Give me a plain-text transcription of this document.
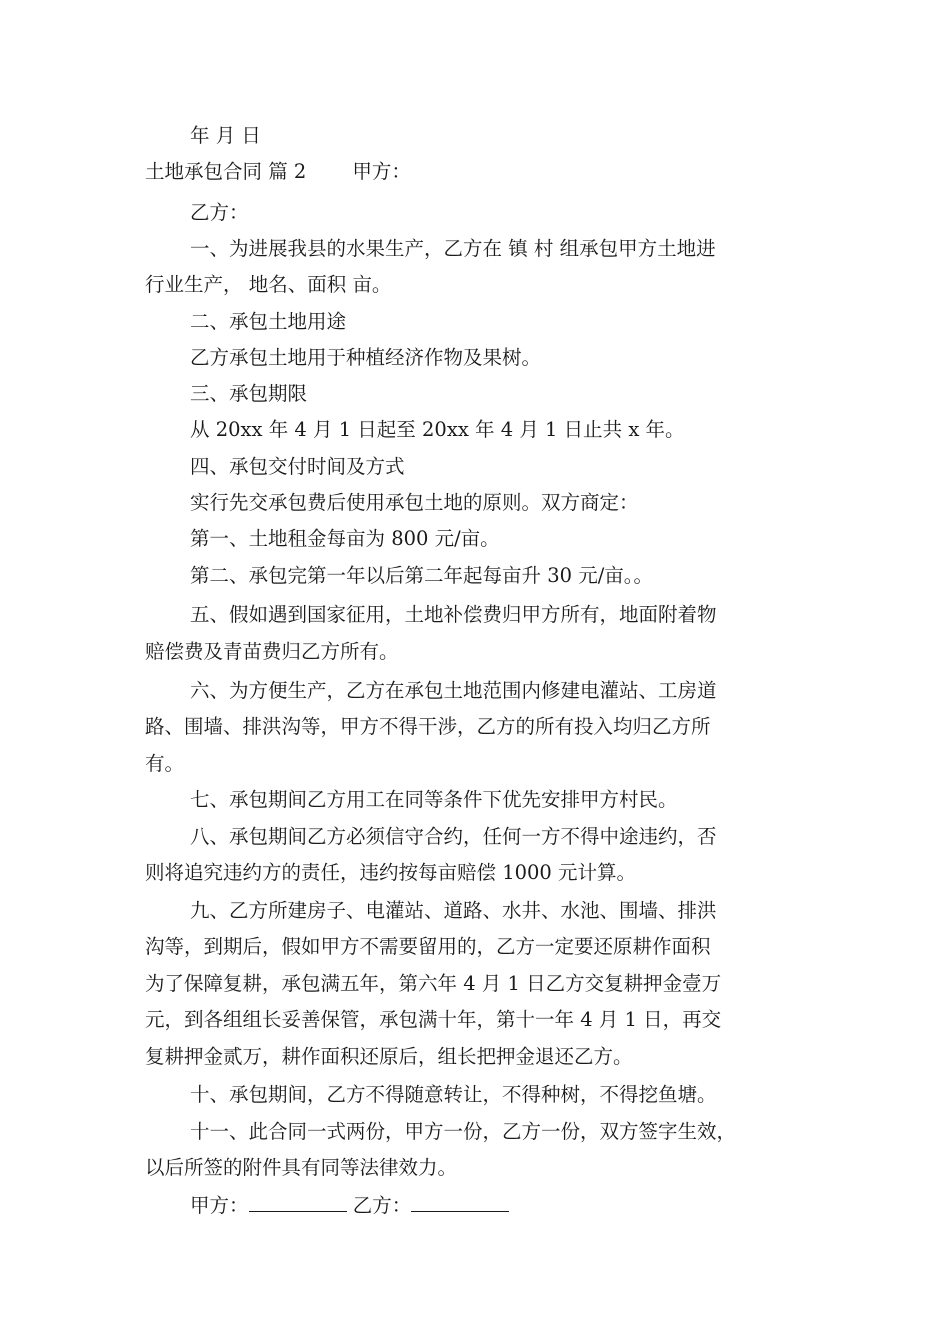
年 月 日
土地承包合同 篇 2 甲方：
乙方：
一、为进展我县的水果生产，乙方在 镇 村 组承包甲方土地进
行业生产， 地名、面积 亩。
二、承包土地用途
乙方承包土地用于种植经济作物及果树。
三、承包期限
从 20xx 年 4 月 1 日起至 20xx 年 4 月 1 日止共 x 年。
四、承包交付时间及方式
实行先交承包费后使用承包土地的原则。双方商定：
第一、土地租金每亩为 800 元/亩。
第二、承包完第一年以后第二年起每亩升 30 元/亩。。
五、假如遇到国家征用，土地补偿费归甲方所有，地面附着物
赔偿费及青苗费归乙方所有。
六、为方便生产，乙方在承包土地范围内修建电灌站、工房道
路、围墙、排洪沟等，甲方不得干涉，乙方的所有投入均归乙方所
有。
七、承包期间乙方用工在同等条件下优先安排甲方村民。
八、承包期间乙方必须信守合约，任何一方不得中途违约，否
则将追究违约方的责任，违约按每亩赔偿 1000 元计算。
九、乙方所建房子、电灌站、道路、水井、水池、围墙、排洪
沟等，到期后，假如甲方不需要留用的，乙方一定要还原耕作面积
为了保障复耕，承包满五年，第六年 4 月 1 日乙方交复耕押金壹万
元，到各组组长妥善保管，承包满十年，第十一年 4 月 1 日，再交
复耕押金贰万，耕作面积还原后，组长把押金退还乙方。
十、承包期间，乙方不得随意转让，不得种树，不得挖鱼塘。
十一、此合同一式两份，甲方一份，乙方一份，双方签字生效，
以后所签的附件具有同等法律效力。
甲方：	乙方：
